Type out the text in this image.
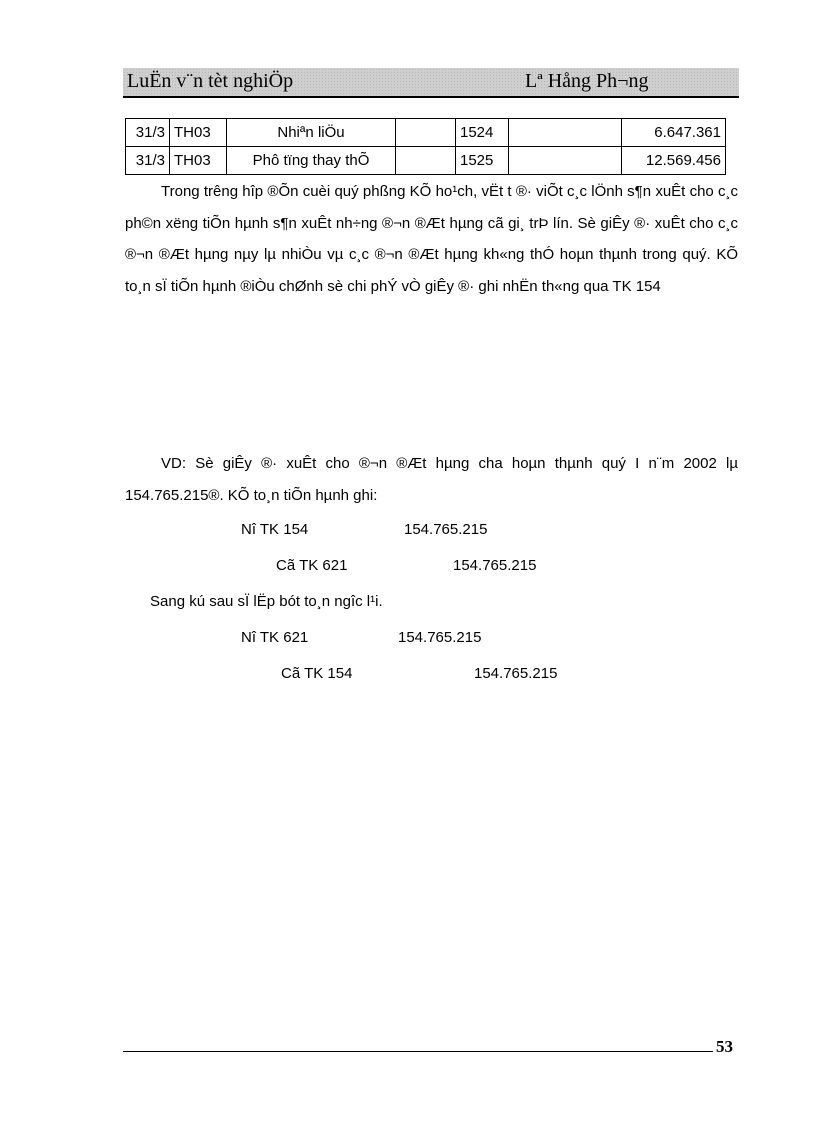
LuËn v¨n tèt nghiÖp	Lª Hång Ph¬ng
31/3	TH03	Nhiªn liÖu		1524		6.647.361
31/3	TH03	Phô tïng thay thÕ		1525		12.569.456

Trong trêng hîp ®Õn cuèi quý phßng KÕ ho¹ch, vËt t ®· viÕt c¸c lÖnh s¶n xuÊt cho c¸c ph©n xëng tiÕn hµnh s¶n xuÊt nh÷ng ®¬n ®Æt hµng cã gi¸ trÞ lín. Sè giÊy ®· xuÊt cho c¸c ®¬n ®Æt hµng nµy lµ nhiÒu vµ c¸c ®¬n ®Æt hµng kh«ng thÓ hoµn thµnh trong quý. KÕ to¸n sÏ tiÕn hµnh ®iÒu chØnh sè chi phÝ vÒ giÊy ®· ghi nhËn th«ng qua TK 154

VD: Sè giÊy ®· xuÊt cho ®¬n ®Æt hµng cha hoµn thµnh quý I n¨m 2002 lµ 154.765.215®. KÕ to¸n tiÕn hµnh ghi:

Nî TK 154	154.765.215
Cã TK 621	154.765.215
Sang kú sau sÏ lËp bót to¸n ngîc l¹i.
Nî TK 621	154.765.215
Cã TK 154	154.765.215
53
